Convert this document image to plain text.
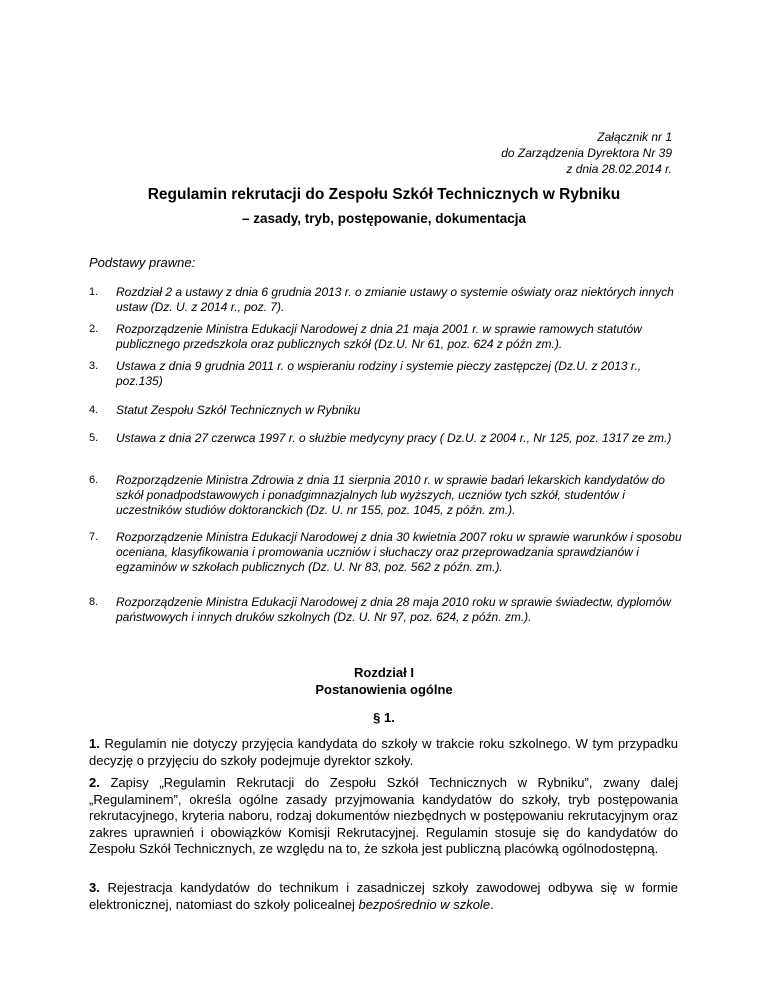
Załącznik nr 1
do Zarządzenia Dyrektora Nr 39
z dnia 28.02.2014 r.
Regulamin rekrutacji do Zespołu Szkół Technicznych w Rybniku
– zasady, tryb, postępowanie, dokumentacja
Podstawy prawne:
1.	Rozdział 2 a ustawy z dnia 6 grudnia 2013 r. o zmianie ustawy o systemie oświaty oraz niektórych innych ustaw (Dz. U. z 2014 r., poz. 7).
2.	Rozporządzenie Ministra Edukacji Narodowej z dnia 21 maja 2001 r. w sprawie ramowych statutów publicznego przedszkola oraz publicznych szkół (Dz.U. Nr 61, poz. 624 z późn zm.).
3.	Ustawa z dnia 9 grudnia 2011 r. o wspieraniu rodziny i systemie pieczy zastępczej (Dz.U. z 2013 r., poz.135)
4.	Statut Zespołu Szkół Technicznych w Rybniku
5.	Ustawa z dnia 27 czerwca 1997 r. o służbie medycyny pracy ( Dz.U. z 2004 r., Nr 125, poz. 1317 ze zm.)
6.	Rozporządzenie Ministra Zdrowia z dnia 11 sierpnia 2010 r. w sprawie badań lekarskich kandydatów do szkół ponadpodstawowych i ponadgimnazjalnych lub wyższych, uczniów tych szkół, studentów i uczestników studiów doktoranckich (Dz. U. nr 155, poz. 1045, z późn. zm.).
7.	Rozporządzenie Ministra Edukacji Narodowej z dnia 30 kwietnia 2007 roku w sprawie warunków i sposobu oceniana, klasyfikowania i promowania uczniów i słuchaczy oraz przeprowadzania sprawdzianów i egzaminów w szkołach publicznych (Dz. U. Nr 83, poz. 562 z późn. zm.).
8.	Rozporządzenie Ministra Edukacji Narodowej z dnia 28 maja 2010 roku w sprawie świadectw, dyplomów państwowych i innych druków szkolnych (Dz. U. Nr 97, poz. 624, z późn. zm.).
Rozdział I
Postanowienia ogólne
§ 1.
1. Regulamin nie dotyczy przyjęcia kandydata do szkoły w trakcie roku szkolnego. W tym przypadku decyzję o przyjęciu do szkoły podejmuje dyrektor szkoły.
2. Zapisy „Regulamin Rekrutacji do Zespołu Szkół Technicznych w Rybniku”, zwany dalej „Regulaminem”, określa ogólne zasady przyjmowania kandydatów do szkoły, tryb postępowania rekrutacyjnego, kryteria naboru, rodzaj dokumentów niezbędnych w postępowaniu rekrutacyjnym oraz zakres uprawnień i obowiązków Komisji Rekrutacyjnej. Regulamin stosuje się do kandydatów do Zespołu Szkół Technicznych, ze względu na to, że szkoła jest publiczną placówką ogólnodostępną.
3. Rejestracja kandydatów do technikum i zasadniczej szkoły zawodowej odbywa się w formie elektronicznej, natomiast do szkoły policealnej bezpośrednio w szkole.
